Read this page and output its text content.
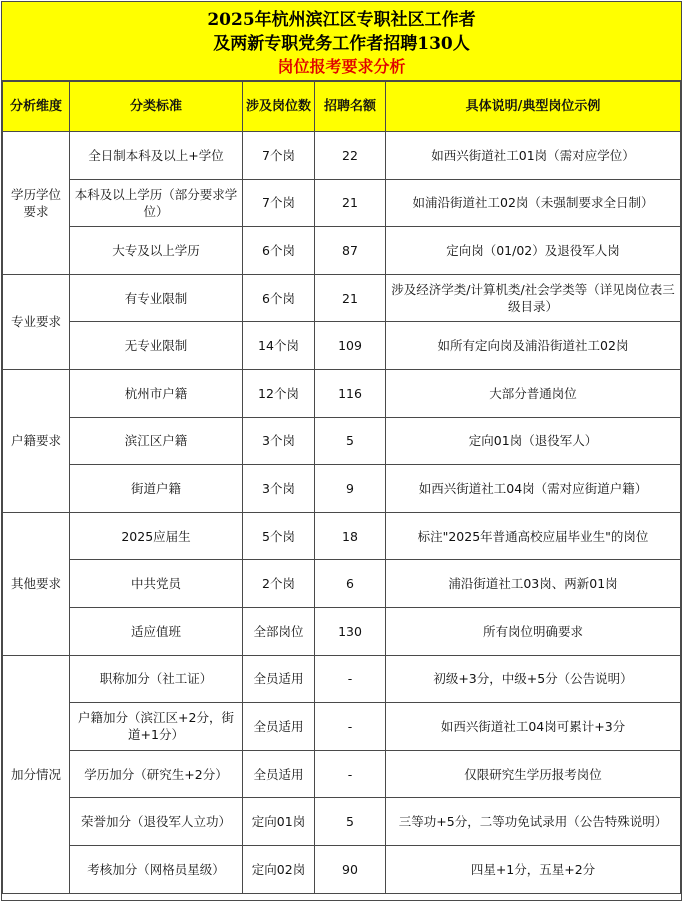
2025年杭州滨江区专职社区工作者
及两新专职党务工作者招聘130人
岗位报考要求分析
分析维度	分类标准	涉及岗位数	招聘名额	具体说明/典型岗位示例
学历学位要求	全日制本科及以上+学位	7个岗	22	如西兴街道社工01岗（需对应学位）
	本科及以上学历（部分要求学位）	7个岗	21	如浦沿街道社工02岗（未强制要求全日制）
	大专及以上学历	6个岗	87	定向岗（01/02）及退役军人岗
专业要求	有专业限制	6个岗	21	涉及经济学类/计算机类/社会学类等（详见岗位表三级目录）
	无专业限制	14个岗	109	如所有定向岗及浦沿街道社工02岗
户籍要求	杭州市户籍	12个岗	116	大部分普通岗位
	滨江区户籍	3个岗	5	定向01岗（退役军人）
	街道户籍	3个岗	9	如西兴街道社工04岗（需对应街道户籍）
其他要求	2025应届生	5个岗	18	标注"2025年普通高校应届毕业生"的岗位
	中共党员	2个岗	6	浦沿街道社工03岗、两新01岗
	适应值班	全部岗位	130	所有岗位明确要求
加分情况	职称加分（社工证）	全员适用	-	初级+3分，中级+5分（公告说明）
	户籍加分（滨江区+2分，街道+1分）	全员适用	-	如西兴街道社工04岗可累计+3分
	学历加分（研究生+2分）	全员适用	-	仅限研究生学历报考岗位
	荣誉加分（退役军人立功）	定向01岗	5	三等功+5分，二等功免试录用（公告特殊说明）
	考核加分（网格员星级）	定向02岗	90	四星+1分，五星+2分
